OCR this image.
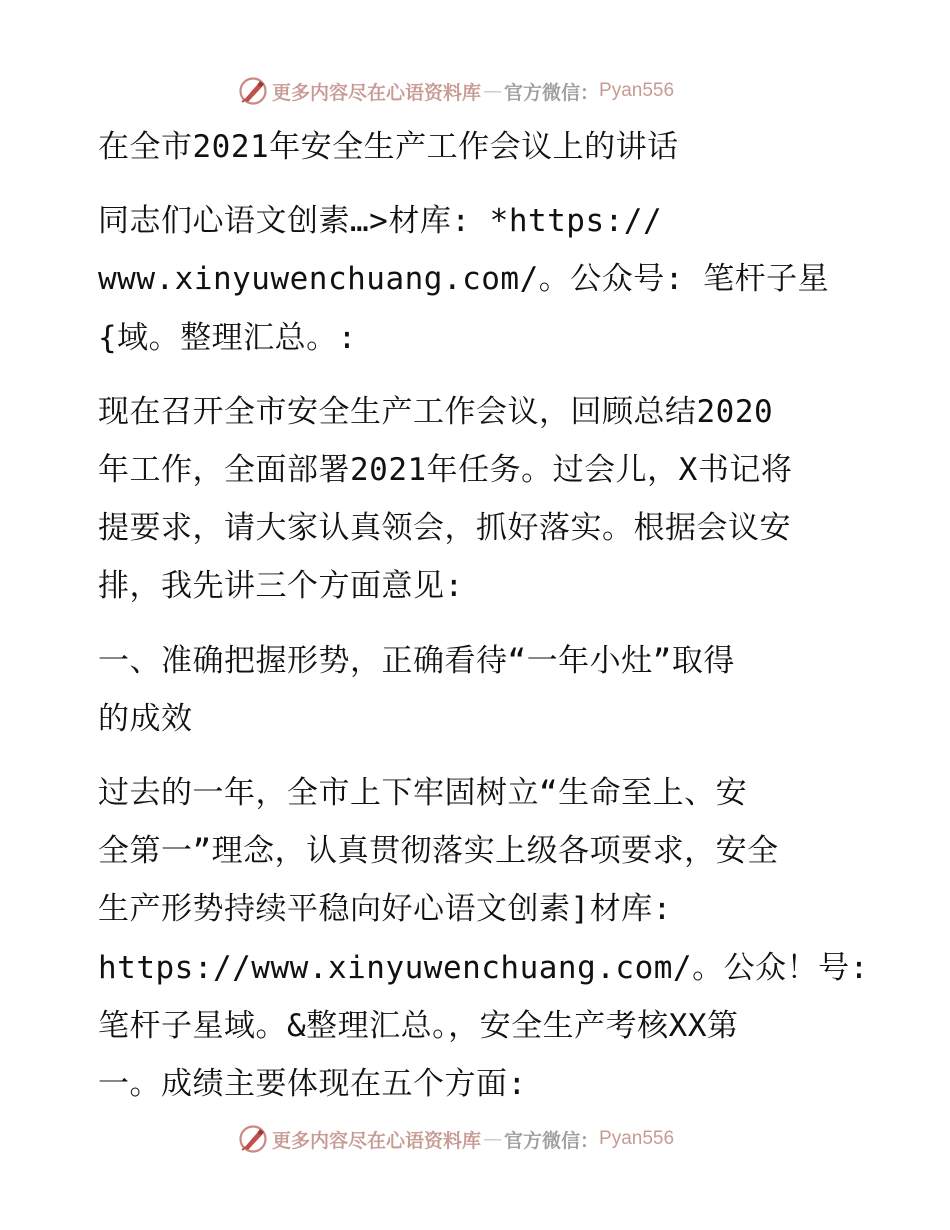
更多内容尽在心语资料库 — 官方微信： Pyan556

在全市2021年安全生产工作会议上的讲话

同志们心语文创素…>材库: *https://
www.xinyuwenchuang.com/。公众号: 笔杆子星
{域。整理汇总。:

现在召开全市安全生产工作会议，回顾总结2020
年工作，全面部署2021年任务。过会儿，X书记将
提要求，请大家认真领会，抓好落实。根据会议安
排，我先讲三个方面意见:

一、准确把握形势，正确看待“一年小灶”取得
的成效

过去的一年，全市上下牢固树立“生命至上、安
全第一”理念，认真贯彻落实上级各项要求，安全
生产形势持续平稳向好心语文创素]材库:
https://www.xinyuwenchuang.com/。公众！号:
笔杆子星域。&整理汇总。，安全生产考核XX第
一。成绩主要体现在五个方面:

更多内容尽在心语资料库 — 官方微信： Pyan556
